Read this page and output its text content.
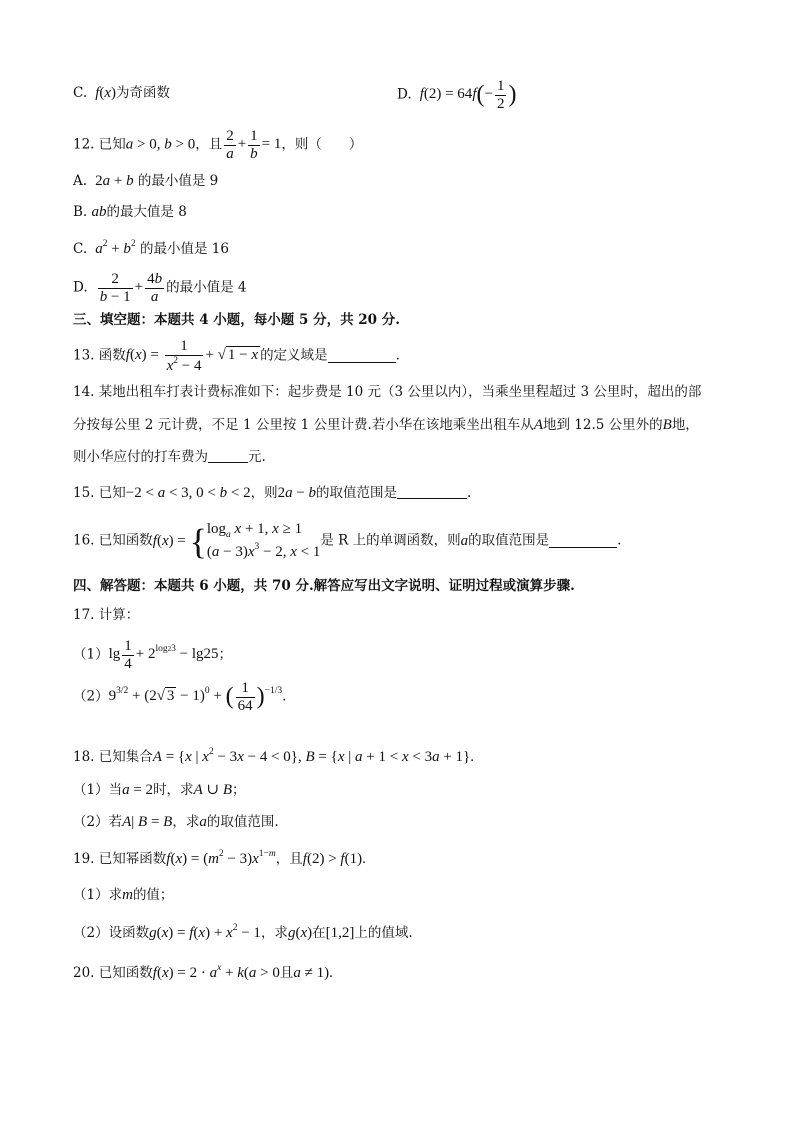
C. f(x)为奇函数	D. $f(2) = 64f(- \frac{1}{2}$ )
12. 已知a > 0, b > 0，且 $\frac{2}{a} + \frac{1}{b} = 1$，则（　　）
A.  2a + b 的最小值是 9
B. ab的最大值是 8
C. $a^2 + b^2$ 的最小值是 16
D. $\frac{2}{b - 1} + \frac{4b}{a}$ 的最小值是 4
三、填空题：本题共 4 小题，每小题 5 分，共 20 分.
13. 函数$f(x) = \frac{1}{x^2 - 4}$ + √ 1 − x 的定义域是	.
14. 某地出租车打表计费标准如下：起步费是 10 元（3 公里以内），当乘坐里程超过 3 公里时，超出的部
分按每公里 2 元计费，不足 1 公里按 1 公里计费.若小华在该地乘坐出租车从A地到 12.5 公里外的B地，
则小华应付的打车费为	元.
15. 已知−2 < a < 3, 0 < b < 2，则2a − b的取值范围是	.
16. 已知函数f(x) = { $\log_a x + 1$, x ≥ 1
$(a - 3)x^3 - 2$, x < 1
是 R 上的单调函数，则a的取值范围是	.
四、解答题：本题共 6 小题，共 70 分.解答应写出文字说明、证明过程或演算步骤.
17. 计算：
$(1)\lg \frac{1}{4} + 2^{log23} - \lg 25$；
$(2)9^{3/2} + (2√$ 3 − 1)$^0$ + ( $\frac{1}{64} )^{-1/3}$.
18. 已知集合A = {x | $x^2 - 3x - 4 < 0$}, B = {x | a + 1 < x < 3a + 1}.
（1）当a = 2时，求A ∪ B；
（2）若A| B = B，求a的取值范围.
19. 已知幂函数$f(x) = (m^2 - 3)x^{1-m}$，且f(2) > f(1).
（1）求m的值；
（2）设函数$g(x) = f(x) + x^2 - 1$，求g(x)在[1,2]上的值域.
20. 已知函数$f(x) = 2 \cdot a^x + k(a > 0$且a ≠ 1).
